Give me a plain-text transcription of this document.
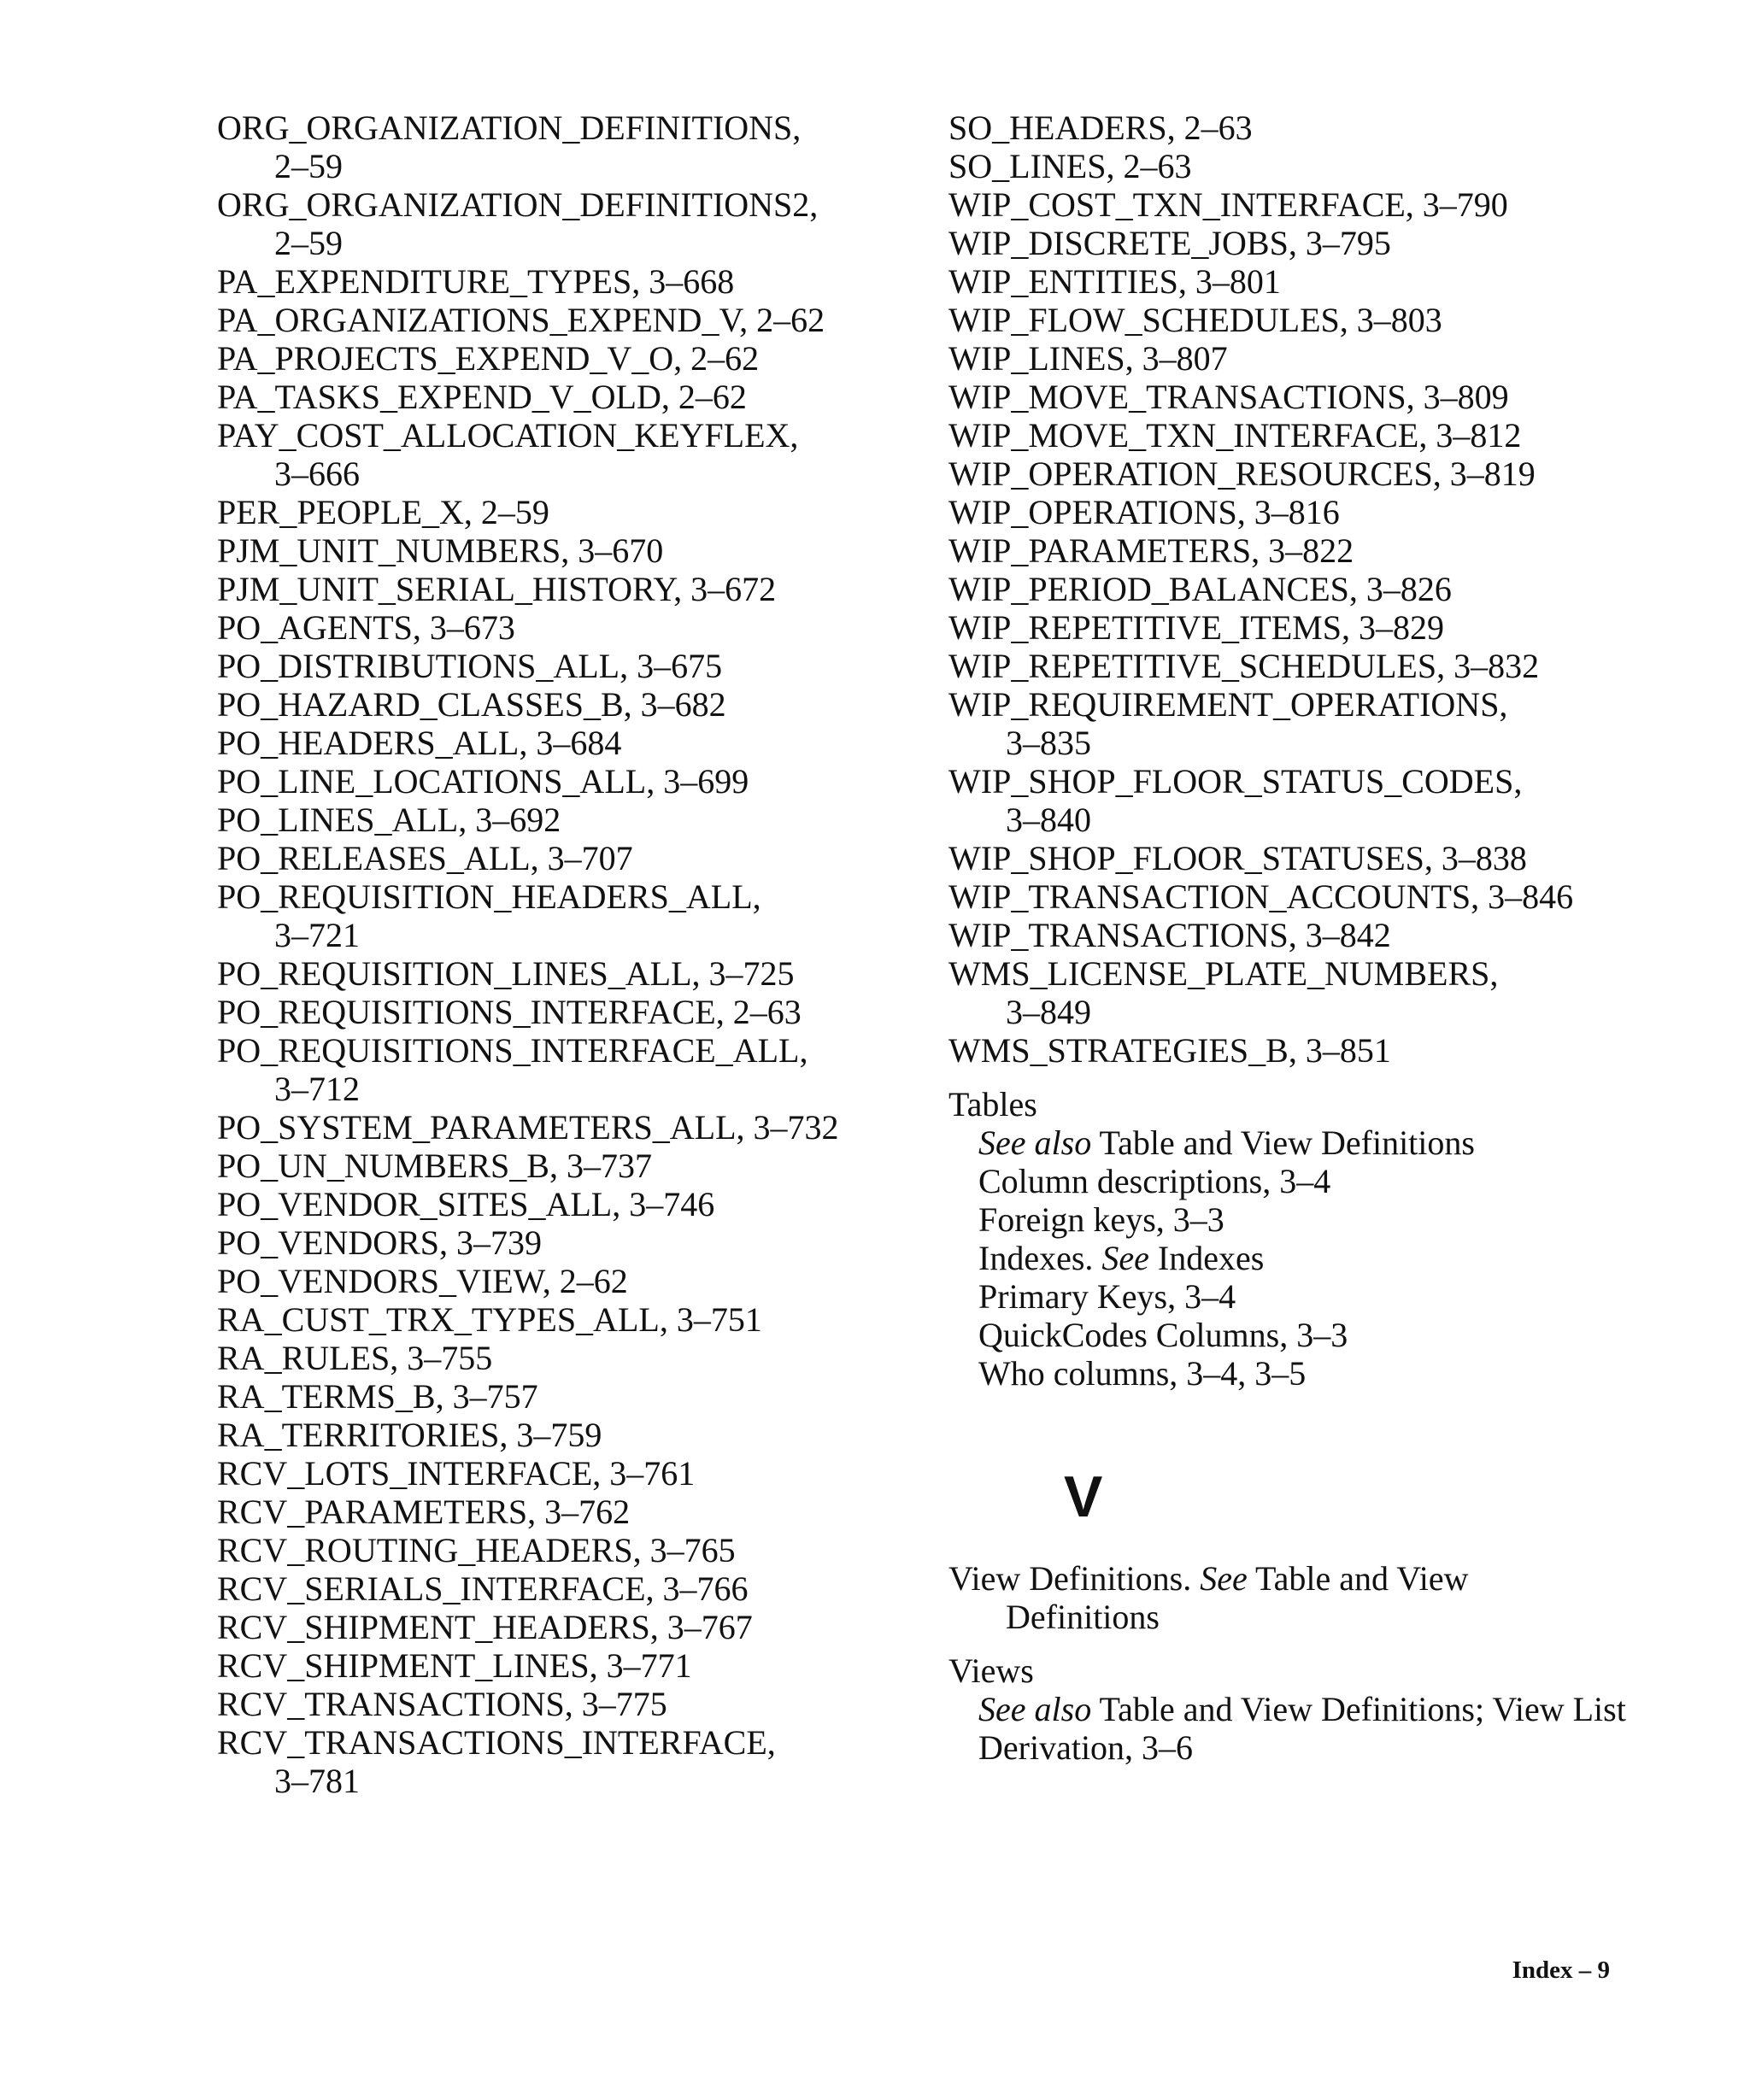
ORG_ORGANIZATION_DEFINITIONS,
2–59
ORG_ORGANIZATION_DEFINITIONS2,
2–59
PA_EXPENDITURE_TYPES, 3–668
PA_ORGANIZATIONS_EXPEND_V, 2–62
PA_PROJECTS_EXPEND_V_O, 2–62
PA_TASKS_EXPEND_V_OLD, 2–62
PAY_COST_ALLOCATION_KEYFLEX,
3–666
PER_PEOPLE_X, 2–59
PJM_UNIT_NUMBERS, 3–670
PJM_UNIT_SERIAL_HISTORY, 3–672
PO_AGENTS, 3–673
PO_DISTRIBUTIONS_ALL, 3–675
PO_HAZARD_CLASSES_B, 3–682
PO_HEADERS_ALL, 3–684
PO_LINE_LOCATIONS_ALL, 3–699
PO_LINES_ALL, 3–692
PO_RELEASES_ALL, 3–707
PO_REQUISITION_HEADERS_ALL,
3–721
PO_REQUISITION_LINES_ALL, 3–725
PO_REQUISITIONS_INTERFACE, 2–63
PO_REQUISITIONS_INTERFACE_ALL,
3–712
PO_SYSTEM_PARAMETERS_ALL, 3–732
PO_UN_NUMBERS_B, 3–737
PO_VENDOR_SITES_ALL, 3–746
PO_VENDORS, 3–739
PO_VENDORS_VIEW, 2–62
RA_CUST_TRX_TYPES_ALL, 3–751
RA_RULES, 3–755
RA_TERMS_B, 3–757
RA_TERRITORIES, 3–759
RCV_LOTS_INTERFACE, 3–761
RCV_PARAMETERS, 3–762
RCV_ROUTING_HEADERS, 3–765
RCV_SERIALS_INTERFACE, 3–766
RCV_SHIPMENT_HEADERS, 3–767
RCV_SHIPMENT_LINES, 3–771
RCV_TRANSACTIONS, 3–775
RCV_TRANSACTIONS_INTERFACE,
3–781
SO_HEADERS, 2–63
SO_LINES, 2–63
WIP_COST_TXN_INTERFACE, 3–790
WIP_DISCRETE_JOBS, 3–795
WIP_ENTITIES, 3–801
WIP_FLOW_SCHEDULES, 3–803
WIP_LINES, 3–807
WIP_MOVE_TRANSACTIONS, 3–809
WIP_MOVE_TXN_INTERFACE, 3–812
WIP_OPERATION_RESOURCES, 3–819
WIP_OPERATIONS, 3–816
WIP_PARAMETERS, 3–822
WIP_PERIOD_BALANCES, 3–826
WIP_REPETITIVE_ITEMS, 3–829
WIP_REPETITIVE_SCHEDULES, 3–832
WIP_REQUIREMENT_OPERATIONS,
3–835
WIP_SHOP_FLOOR_STATUS_CODES,
3–840
WIP_SHOP_FLOOR_STATUSES, 3–838
WIP_TRANSACTION_ACCOUNTS, 3–846
WIP_TRANSACTIONS, 3–842
WMS_LICENSE_PLATE_NUMBERS,
3–849
WMS_STRATEGIES_B, 3–851
Tables
See also Table and View Definitions
Column descriptions, 3–4
Foreign keys, 3–3
Indexes. See Indexes
Primary Keys, 3–4
QuickCodes Columns, 3–3
Who columns, 3–4, 3–5
V
View Definitions. See Table and View
Definitions
Views
See also Table and View Definitions; View List
Derivation, 3–6
Index – 9
